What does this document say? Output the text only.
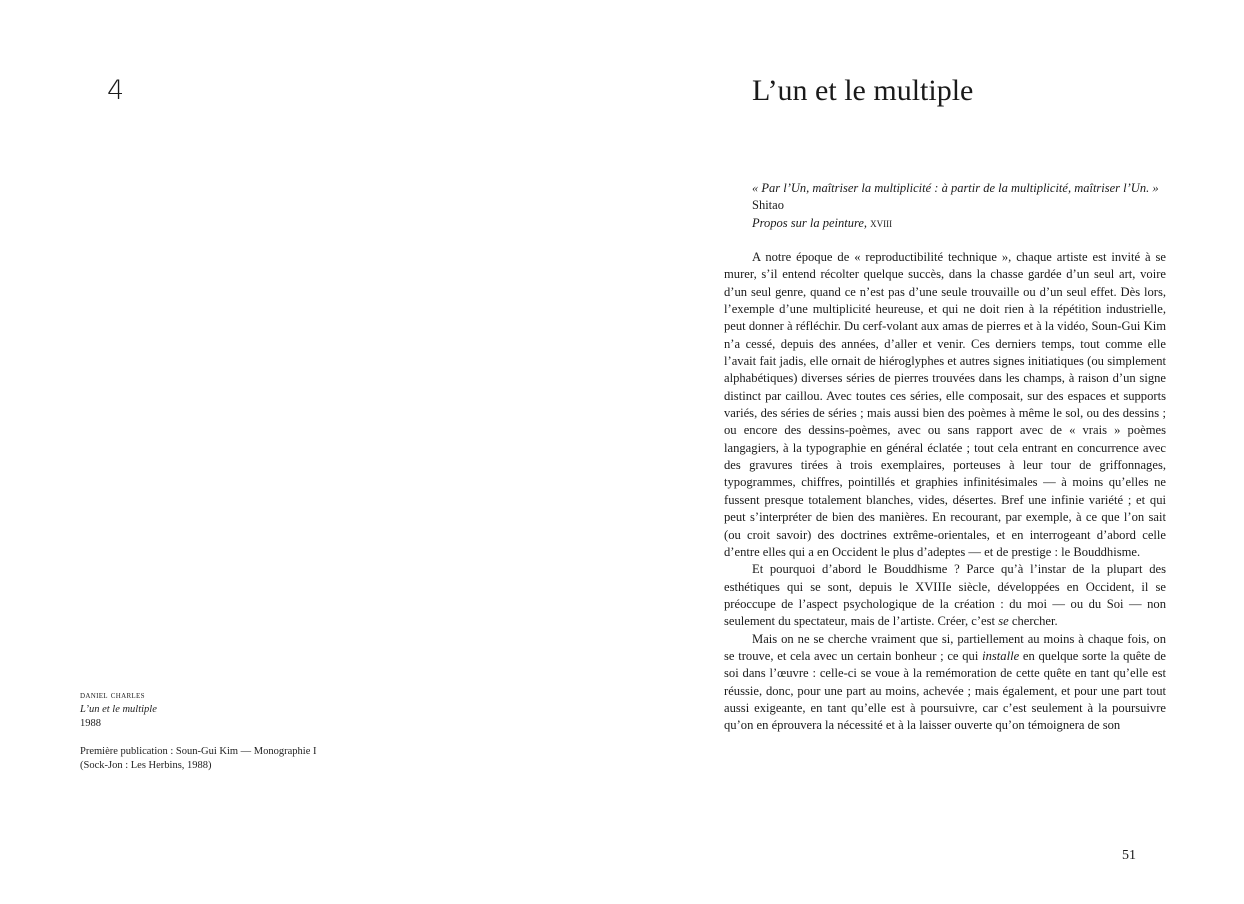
4
daniel charles
L’un et le multiple
1988
Première publication : Soun-Gui Kim — Monographie I
(Sock-Jon : Les Herbins, 1988)
L’un et le multiple
« Par l’Un, maîtriser la multiplicité : à partir de la multiplicité, maîtriser l’Un. »
Shitao
Propos sur la peinture, xviii

A notre époque de « reproductibilité technique », chaque artiste est invité à se murer, s’il entend récolter quelque succès, dans la chasse gardée d’un seul art, voire d’un seul genre, quand ce n’est pas d’une seule trouvaille ou d’un seul effet. Dès lors, l’exemple d’une multiplicité heureuse, et qui ne doit rien à la répétition industrielle, peut donner à réfléchir. Du cerf-volant aux amas de pierres et à la vidéo, Soun-Gui Kim n’a cessé, depuis des années, d’aller et venir. Ces derniers temps, tout comme elle l’avait fait jadis, elle ornait de hiéroglyphes et autres signes initiatiques (ou simplement alphabétiques) diverses séries de pierres trouvées dans les champs, à raison d’un signe distinct par caillou. Avec toutes ces séries, elle composait, sur des espaces et supports variés, des séries de séries ; mais aussi bien des poèmes à même le sol, ou des dessins ; ou encore des dessins-poèmes, avec ou sans rapport avec de « vrais » poèmes langagiers, à la typographie en général éclatée ; tout cela entrant en concurrence avec des gravures tirées à trois exemplaires, porteuses à leur tour de griffonnages, typogrammes, chiffres, pointillés et graphies infinitésimales — à moins qu’elles ne fussent presque totalement blanches, vides, désertes. Bref une infinie variété ; et qui peut s’interpréter de bien des manières. En recourant, par exemple, à ce que l’on sait (ou croit savoir) des doctrines extrême-orientales, et en interrogeant d’abord celle d’entre elles qui a en Occident le plus d’adeptes — et de prestige : le Bouddhisme.

Et pourquoi d’abord le Bouddhisme ? Parce qu’à l’instar de la plupart des esthétiques qui se sont, depuis le XVIIIe siècle, développées en Occident, il se préoccupe de l’aspect psychologique de la création : du moi — ou du Soi — non seulement du spectateur, mais de l’artiste. Créer, c’est se chercher.

Mais on ne se cherche vraiment que si, partiellement au moins à chaque fois, on se trouve, et cela avec un certain bonheur ; ce qui installe en quelque sorte la quête de soi dans l’œuvre : celle-ci se voue à la remémoration de cette quête en tant qu’elle est réussie, donc, pour une part au moins, achevée ; mais également, et pour une part tout aussi exigeante, en tant qu’elle est à poursuivre, car c’est seulement à la poursuivre qu’on en éprouvera la nécessité et à la laisser ouverte qu’on témoignera de son

51
